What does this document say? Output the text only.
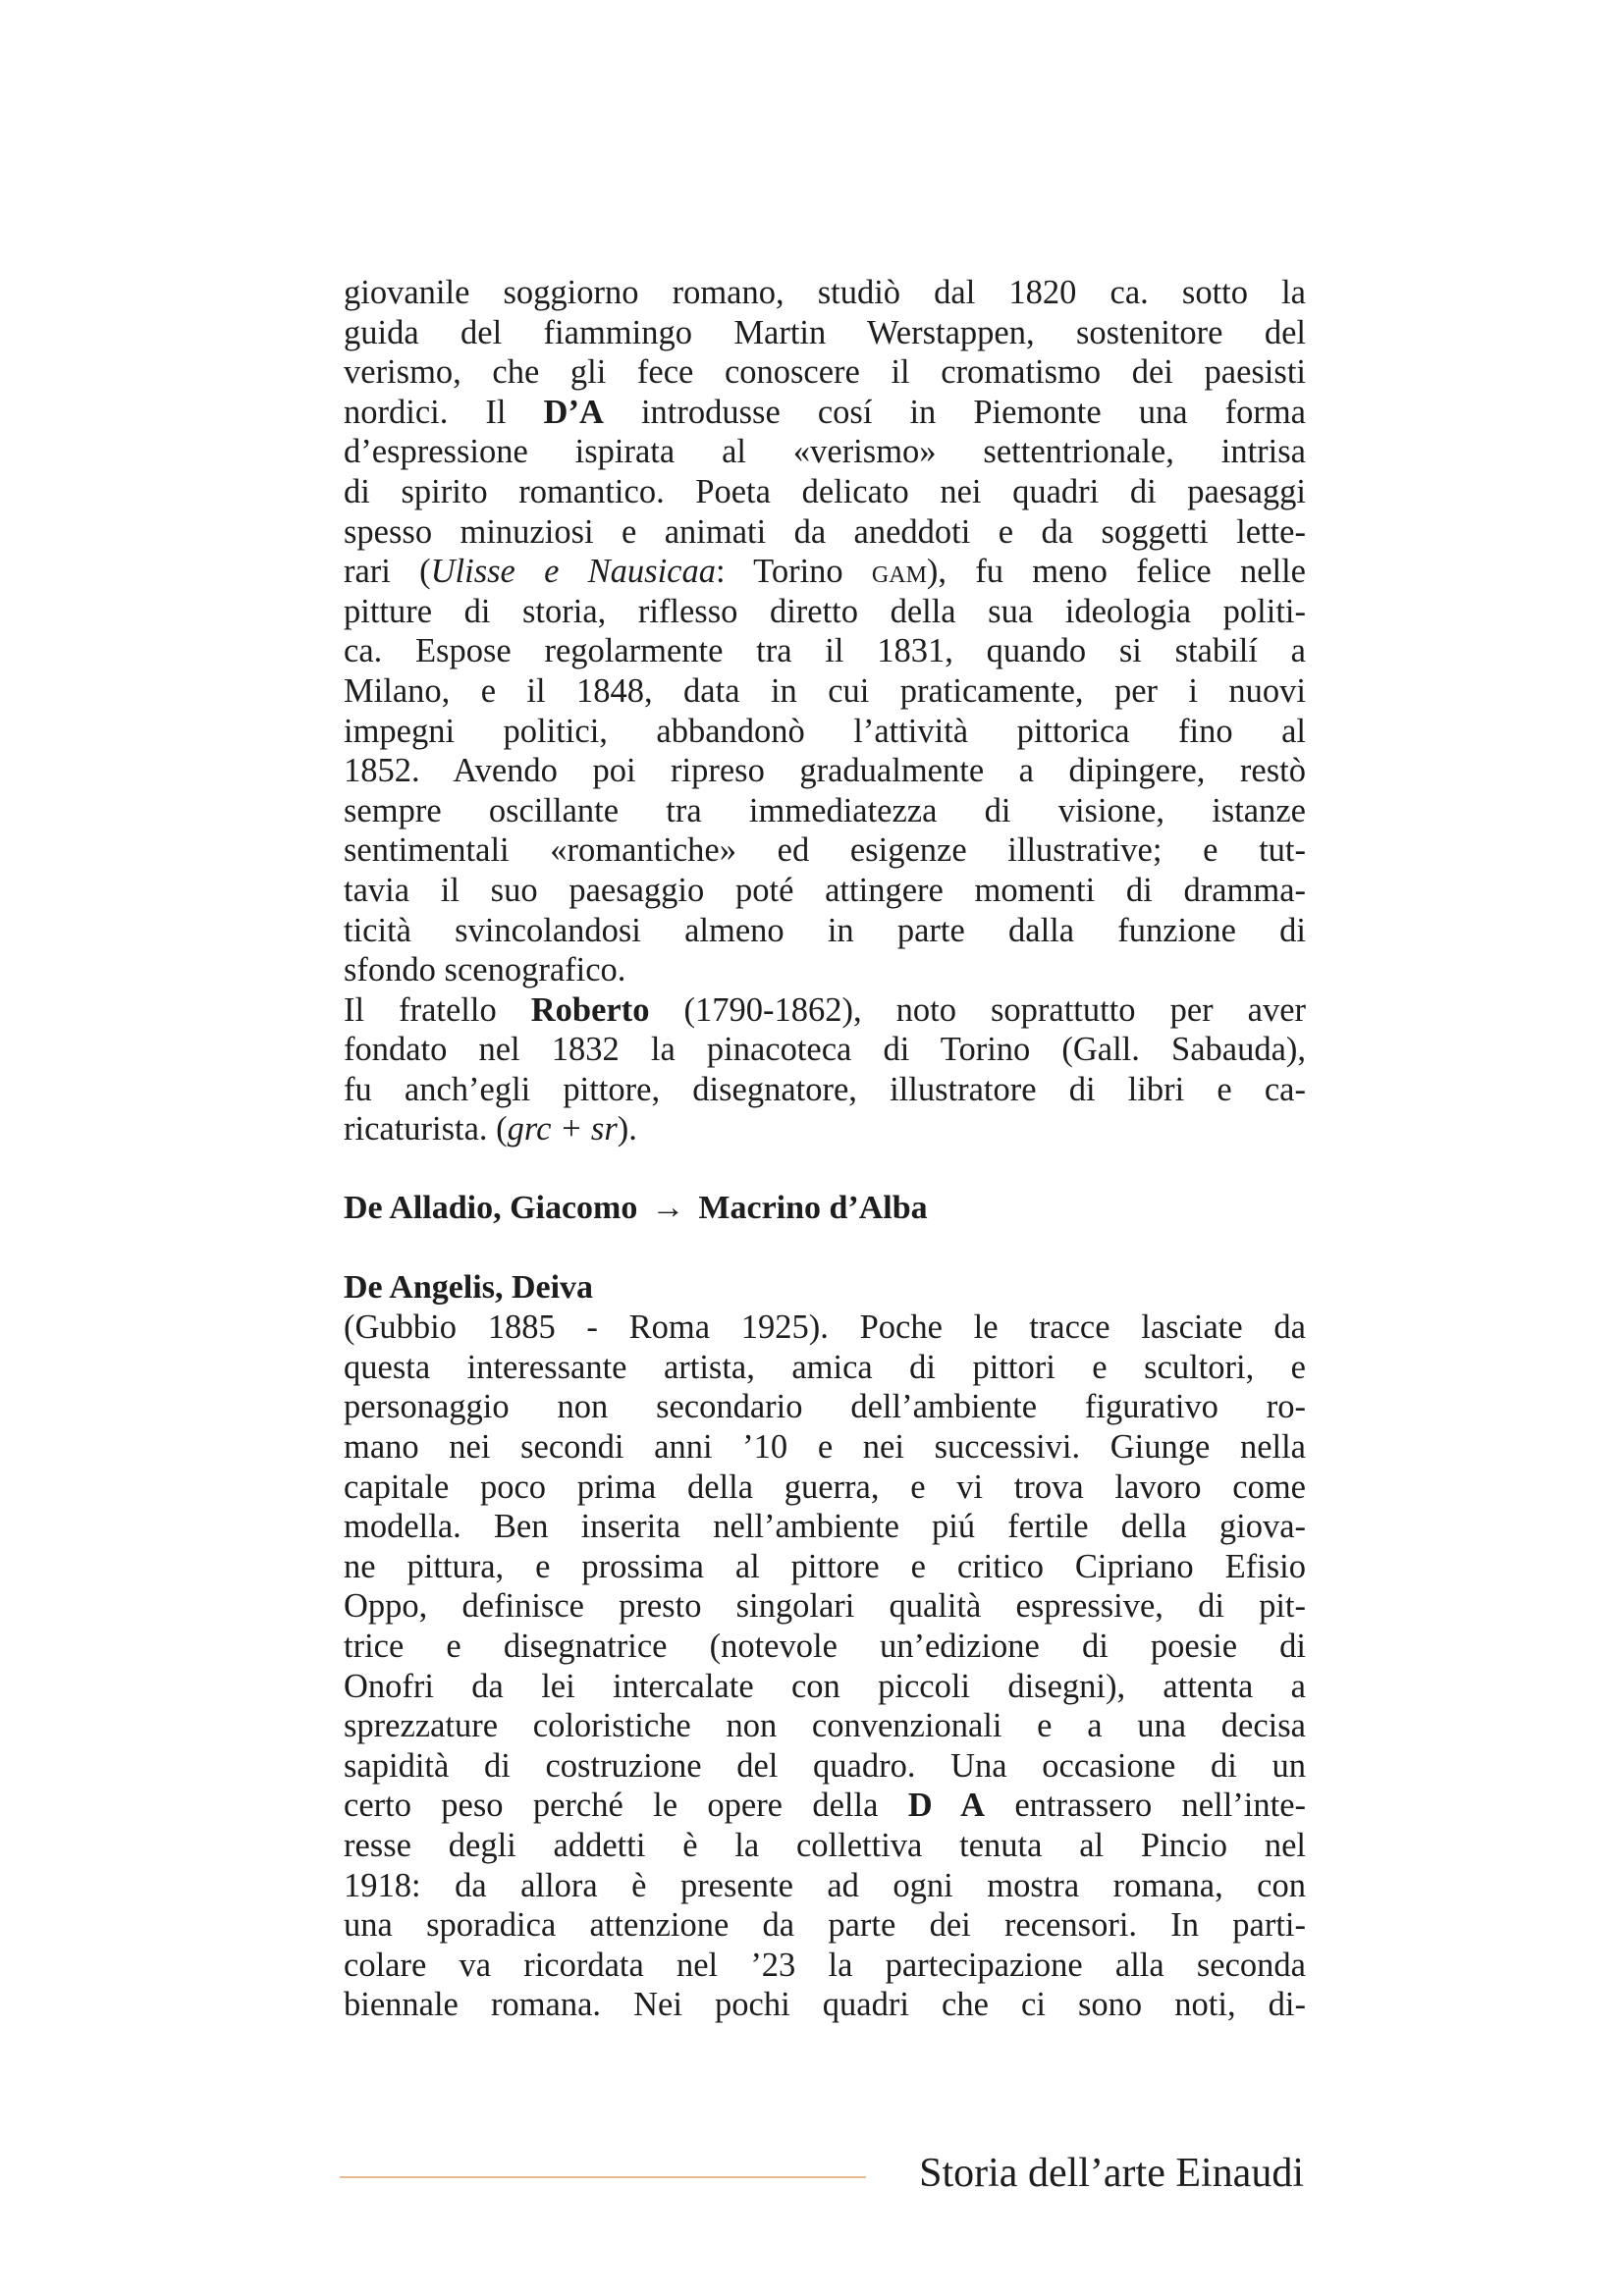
giovanile soggiorno romano, studiò dal 1820 ca. sotto la
guida del fiammingo Martin Werstappen, sostenitore del
verismo, che gli fece conoscere il cromatismo dei paesisti
nordici. Il D’A introdusse cosí in Piemonte una forma
d’espressione ispirata al «verismo» settentrionale, intrisa
di spirito romantico. Poeta delicato nei quadri di paesaggi
spesso minuziosi e animati da aneddoti e da soggetti lette-
rari (Ulisse e Nausicaa: Torino gam), fu meno felice nelle
pitture di storia, riflesso diretto della sua ideologia politi-
ca. Espose regolarmente tra il 1831, quando si stabilí a
Milano, e il 1848, data in cui praticamente, per i nuovi
impegni politici, abbandonò l’attività pittorica fino al
1852. Avendo poi ripreso gradualmente a dipingere, restò
sempre oscillante tra immediatezza di visione, istanze
sentimentali «romantiche» ed esigenze illustrative; e tut-
tavia il suo paesaggio poté attingere momenti di dramma-
ticità svincolandosi almeno in parte dalla funzione di
sfondo scenografico.
Il fratello Roberto (1790-1862), noto soprattutto per aver
fondato nel 1832 la pinacoteca di Torino (Gall. Sabauda),
fu anch’egli pittore, disegnatore, illustratore di libri e ca-
ricaturista. (grc + sr).
De Alladio, Giacomo → Macrino d’Alba
De Angelis, Deiva
(Gubbio 1885 - Roma 1925). Poche le tracce lasciate da
questa interessante artista, amica di pittori e scultori, e
personaggio non secondario dell’ambiente figurativo ro-
mano nei secondi anni ’10 e nei successivi. Giunge nella
capitale poco prima della guerra, e vi trova lavoro come
modella. Ben inserita nell’ambiente piú fertile della giova-
ne pittura, e prossima al pittore e critico Cipriano Efisio
Oppo, definisce presto singolari qualità espressive, di pit-
trice e disegnatrice (notevole un’edizione di poesie di
Onofri da lei intercalate con piccoli disegni), attenta a
sprezzature coloristiche non convenzionali e a una decisa
sapidità di costruzione del quadro. Una occasione di un
certo peso perché le opere della D A entrassero nell’inte-
resse degli addetti è la collettiva tenuta al Pincio nel
1918: da allora è presente ad ogni mostra romana, con
una sporadica attenzione da parte dei recensori. In parti-
colare va ricordata nel ’23 la partecipazione alla seconda
biennale romana. Nei pochi quadri che ci sono noti, di-
Storia dell’arte Einaudi
